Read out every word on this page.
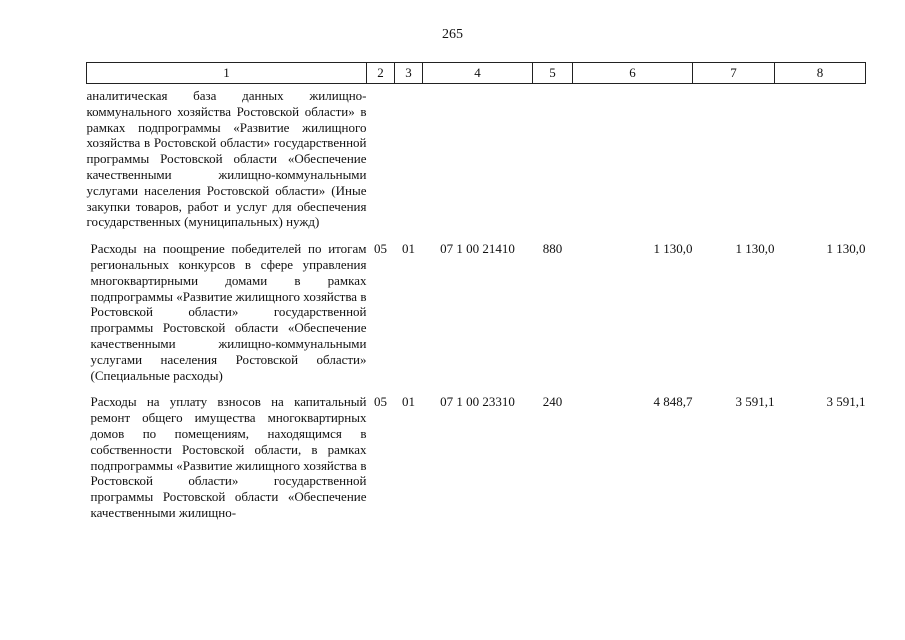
265
1	2	3	4	5	6	7	8
аналитическая база данных жилищно-коммунального хозяйства Ростовской области» в рамках подпрограммы «Развитие жилищного хозяйства в Ростовской области» государственной программы Ростовской области «Обеспечение качественными жилищно-коммунальными услугами населения Ростовской области» (Иные закупки товаров, работ и услуг для обеспечения государственных (муниципальных) нужд)							
Расходы на поощрение победителей по итогам региональных конкурсов в сфере управления многоквартирными домами в рамках подпрограммы «Развитие жилищного хозяйства в Ростовской области» государственной программы Ростовской области «Обеспечение качественными жилищно-коммунальными услугами населения Ростовской области» (Специальные расходы)	05	01	07 1 00 21410	880	1 130,0	1 130,0	1 130,0
Расходы на уплату взносов на капитальный ремонт общего имущества многоквартирных домов по помещениям, находящимся в собственности Ростовской области, в рамках подпрограммы «Развитие жилищного хозяйства в Ростовской области» государственной программы Ростовской области «Обеспечение качественными жилищно-	05	01	07 1 00 23310	240	4 848,7	3 591,1	3 591,1
